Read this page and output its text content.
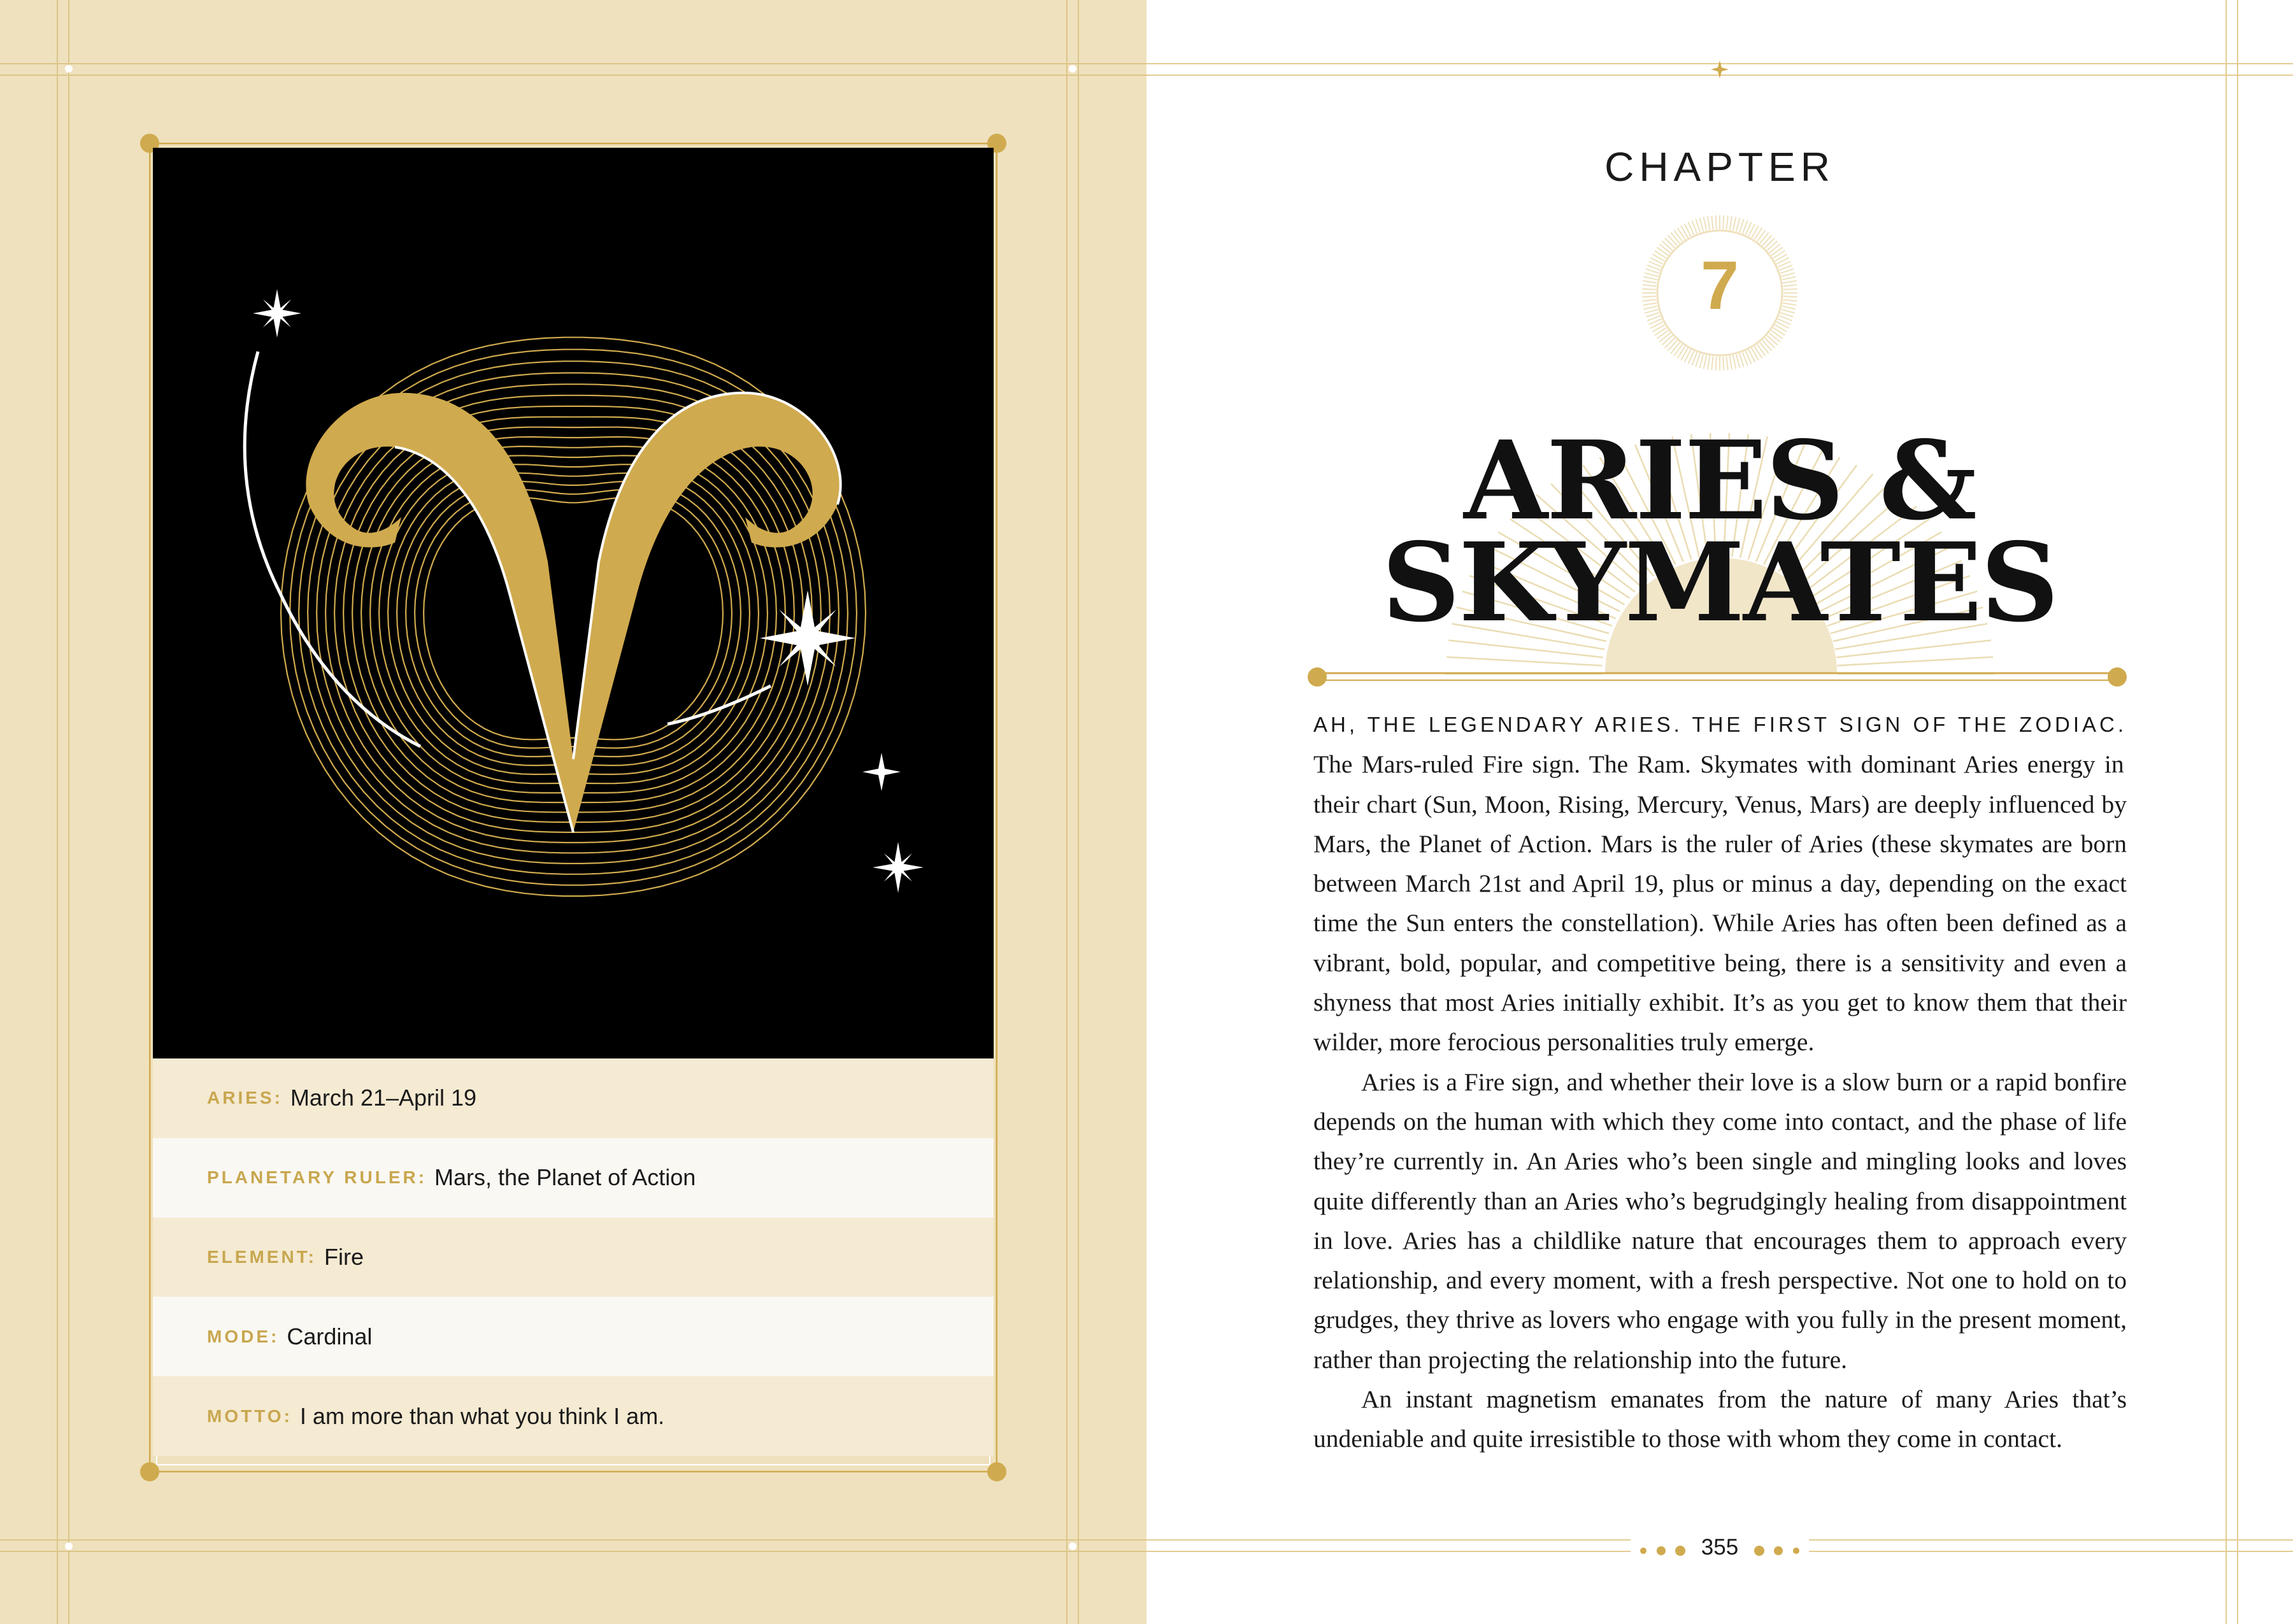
ARIES: March 21–April 19
PLANETARY RULER: Mars, the Planet of Action
ELEMENT: Fire
MODE: Cardinal
MOTTO: I am more than what you think I am.
CHAPTER
7
ARIES &
SKYMATES

AH, THE LEGENDARY ARIES. THE FIRST SIGN OF THE ZODIAC. The Mars-ruled Fire sign. The Ram. Skymates with dominant Aries energy in their chart (Sun, Moon, Rising, Mercury, Venus, Mars) are deeply influenced by Mars, the Planet of Action. Mars is the ruler of Aries (these skymates are born between March 21st and April 19, plus or minus a day, depending on the exact time the Sun enters the constellation). While Aries has often been defined as a vibrant, bold, popular, and competitive being, there is a sensitivity and even a shyness that most Aries initially exhibit. It’s as you get to know them that their wilder, more ferocious personalities truly emerge.

Aries is a Fire sign, and whether their love is a slow burn or a rapid bonfire depends on the human with which they come into contact, and the phase of life they’re currently in. An Aries who’s been single and mingling looks and loves quite differently than an Aries who’s begrudgingly healing from disappointment in love. Aries has a childlike nature that encourages them to approach every relationship, and every moment, with a fresh perspective. Not one to hold on to grudges, they thrive as lovers who engage with you fully in the present moment, rather than projecting the relationship into the future.

An instant magnetism emanates from the nature of many Aries that’s undeniable and quite irresistible to those with whom they come in contact.

355
